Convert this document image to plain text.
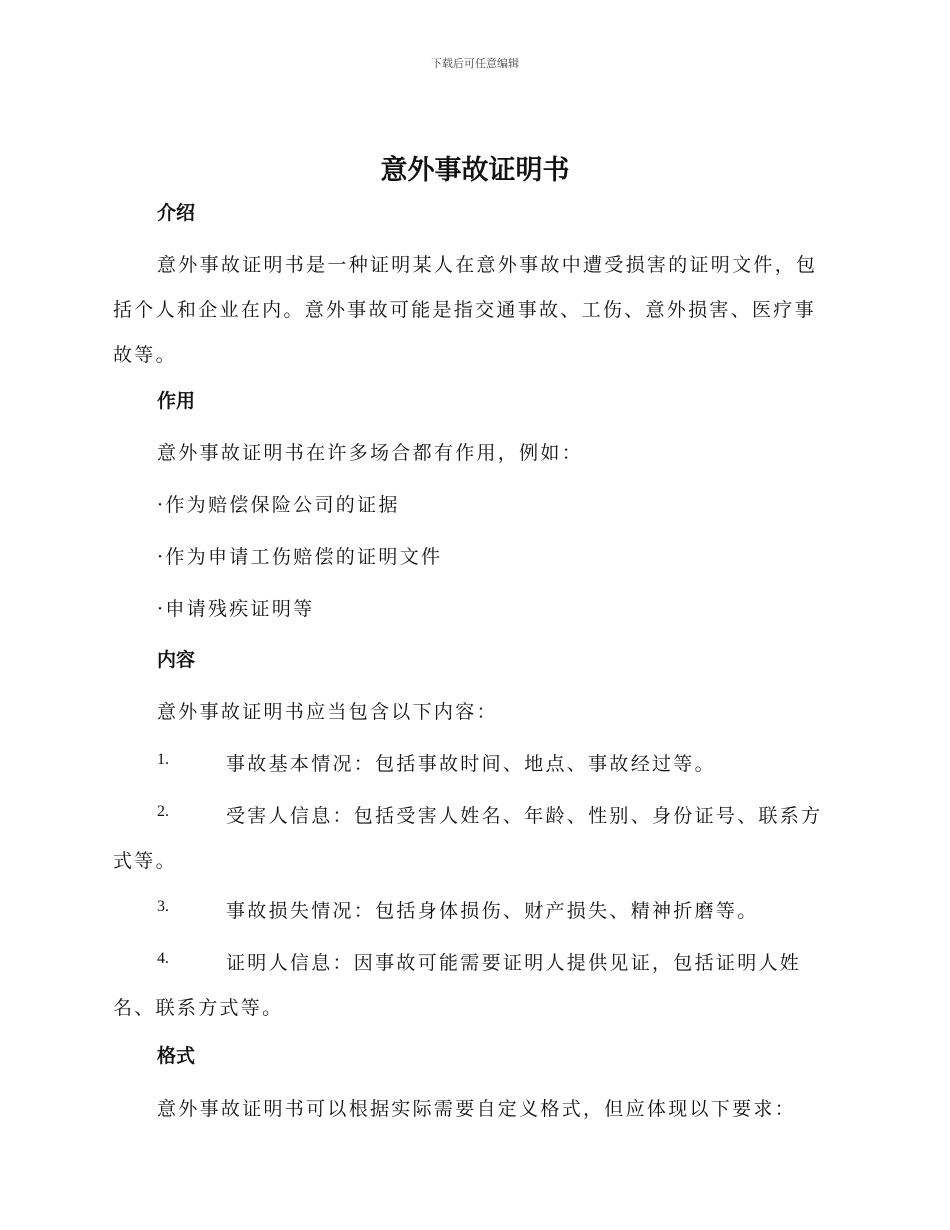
下载后可任意编辑
意外事故证明书
介绍
意外事故证明书是一种证明某人在意外事故中遭受损害的证明文件，包
括个人和企业在内。意外事故可能是指交通事故、工伤、意外损害、医疗事
故等。
作用
意外事故证明书在许多场合都有作用，例如：
·作为赔偿保险公司的证据
·作为申请工伤赔偿的证明文件
·申请残疾证明等
内容
意外事故证明书应当包含以下内容：
1.	事故基本情况：包括事故时间、地点、事故经过等。
2.	受害人信息：包括受害人姓名、年龄、性别、身份证号、联系方
式等。
3.	事故损失情况：包括身体损伤、财产损失、精神折磨等。
4.	证明人信息：因事故可能需要证明人提供见证，包括证明人姓
名、联系方式等。
格式
意外事故证明书可以根据实际需要自定义格式，但应体现以下要求：
